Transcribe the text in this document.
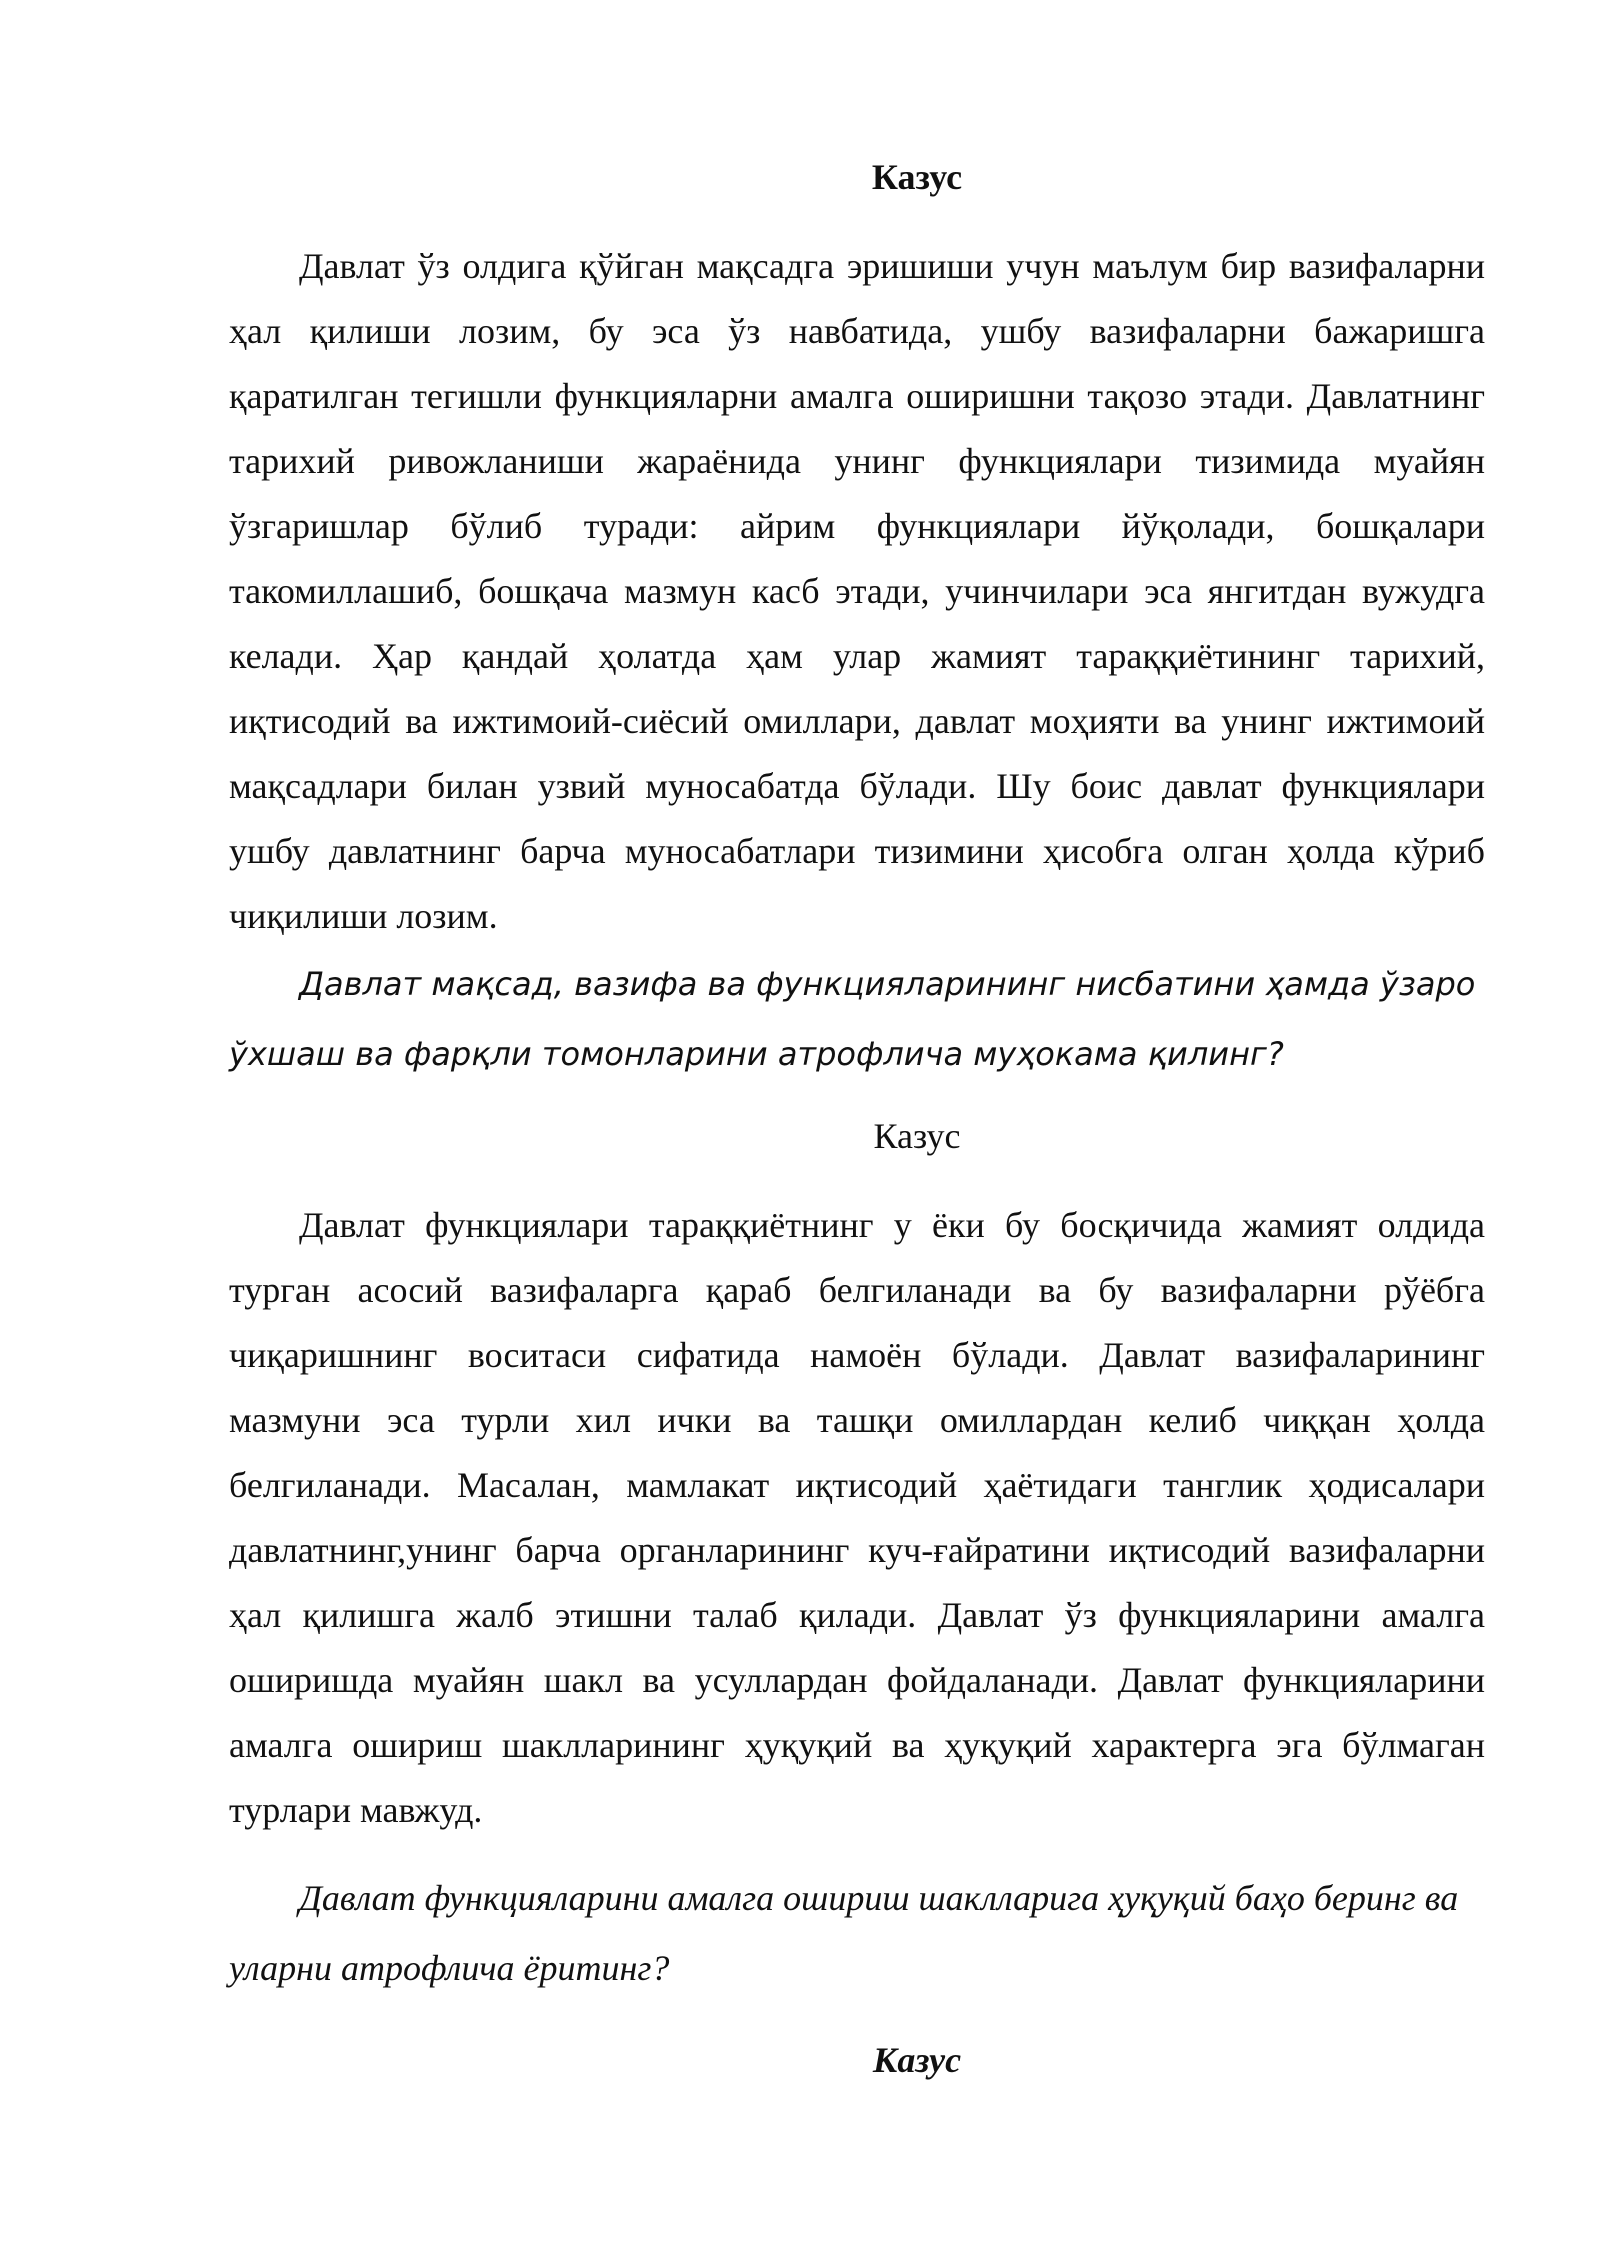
Казус

Давлат ўз олдига қўйган мақсадга эришиши учун маълум бир вазифаларни ҳал қилиши лозим, бу эса ўз навбатида, ушбу вазифаларни бажаришга қаратилган тегишли функцияларни амалга оширишни тақозо этади. Давлатнинг тарихий ривожланиши жараёнида унинг функциялари тизимида муайян ўзгаришлар бўлиб туради: айрим функциялари йўқолади, бошқалари такомиллашиб, бошқача мазмун касб этади, учинчилари эса янгитдан вужудга келади. Ҳар қандай ҳолатда ҳам улар жамият тараққиётининг тарихий, иқтисодий ва ижтимоий-сиёсий омиллари, давлат моҳияти ва унинг ижтимоий мақсадлари билан узвий муносабатда бўлади. Шу боис давлат функциялари ушбу давлатнинг барча муносабатлари тизимини ҳисобга олган ҳолда кўриб чиқилиши лозим.

Давлат мақсад, вазифа ва функцияларининг нисбатини ҳамда ўзаро ўхшаш ва фарқли томонларини атрофлича муҳокама қилинг?

Казус

Давлат функциялари тараққиётнинг у ёки бу босқичида жамият олдида турган асосий вазифаларга қараб белгиланади ва бу вазифаларни рўёбга чиқаришнинг воситаси сифатида намоён бўлади. Давлат вазифаларининг мазмуни эса турли хил ички ва ташқи омиллардан келиб чиққан ҳолда белгиланади. Масалан, мамлакат иқтисодий ҳаётидаги танглик ҳодисалари давлатнинг,унинг барча органларининг куч-ғайратини иқтисодий вазифаларни ҳал қилишга жалб этишни талаб қилади. Давлат ўз функцияларини амалга оширишда муайян шакл ва усуллардан фойдаланади. Давлат функцияларини амалга ошириш шаклларининг ҳуқуқий ва ҳуқуқий характерга эга бўлмаган турлари мавжуд.

Давлат функцияларини амалга ошириш шаклларига ҳуқуқий баҳо беринг ва уларни атрофлича ёритинг?

Казус
